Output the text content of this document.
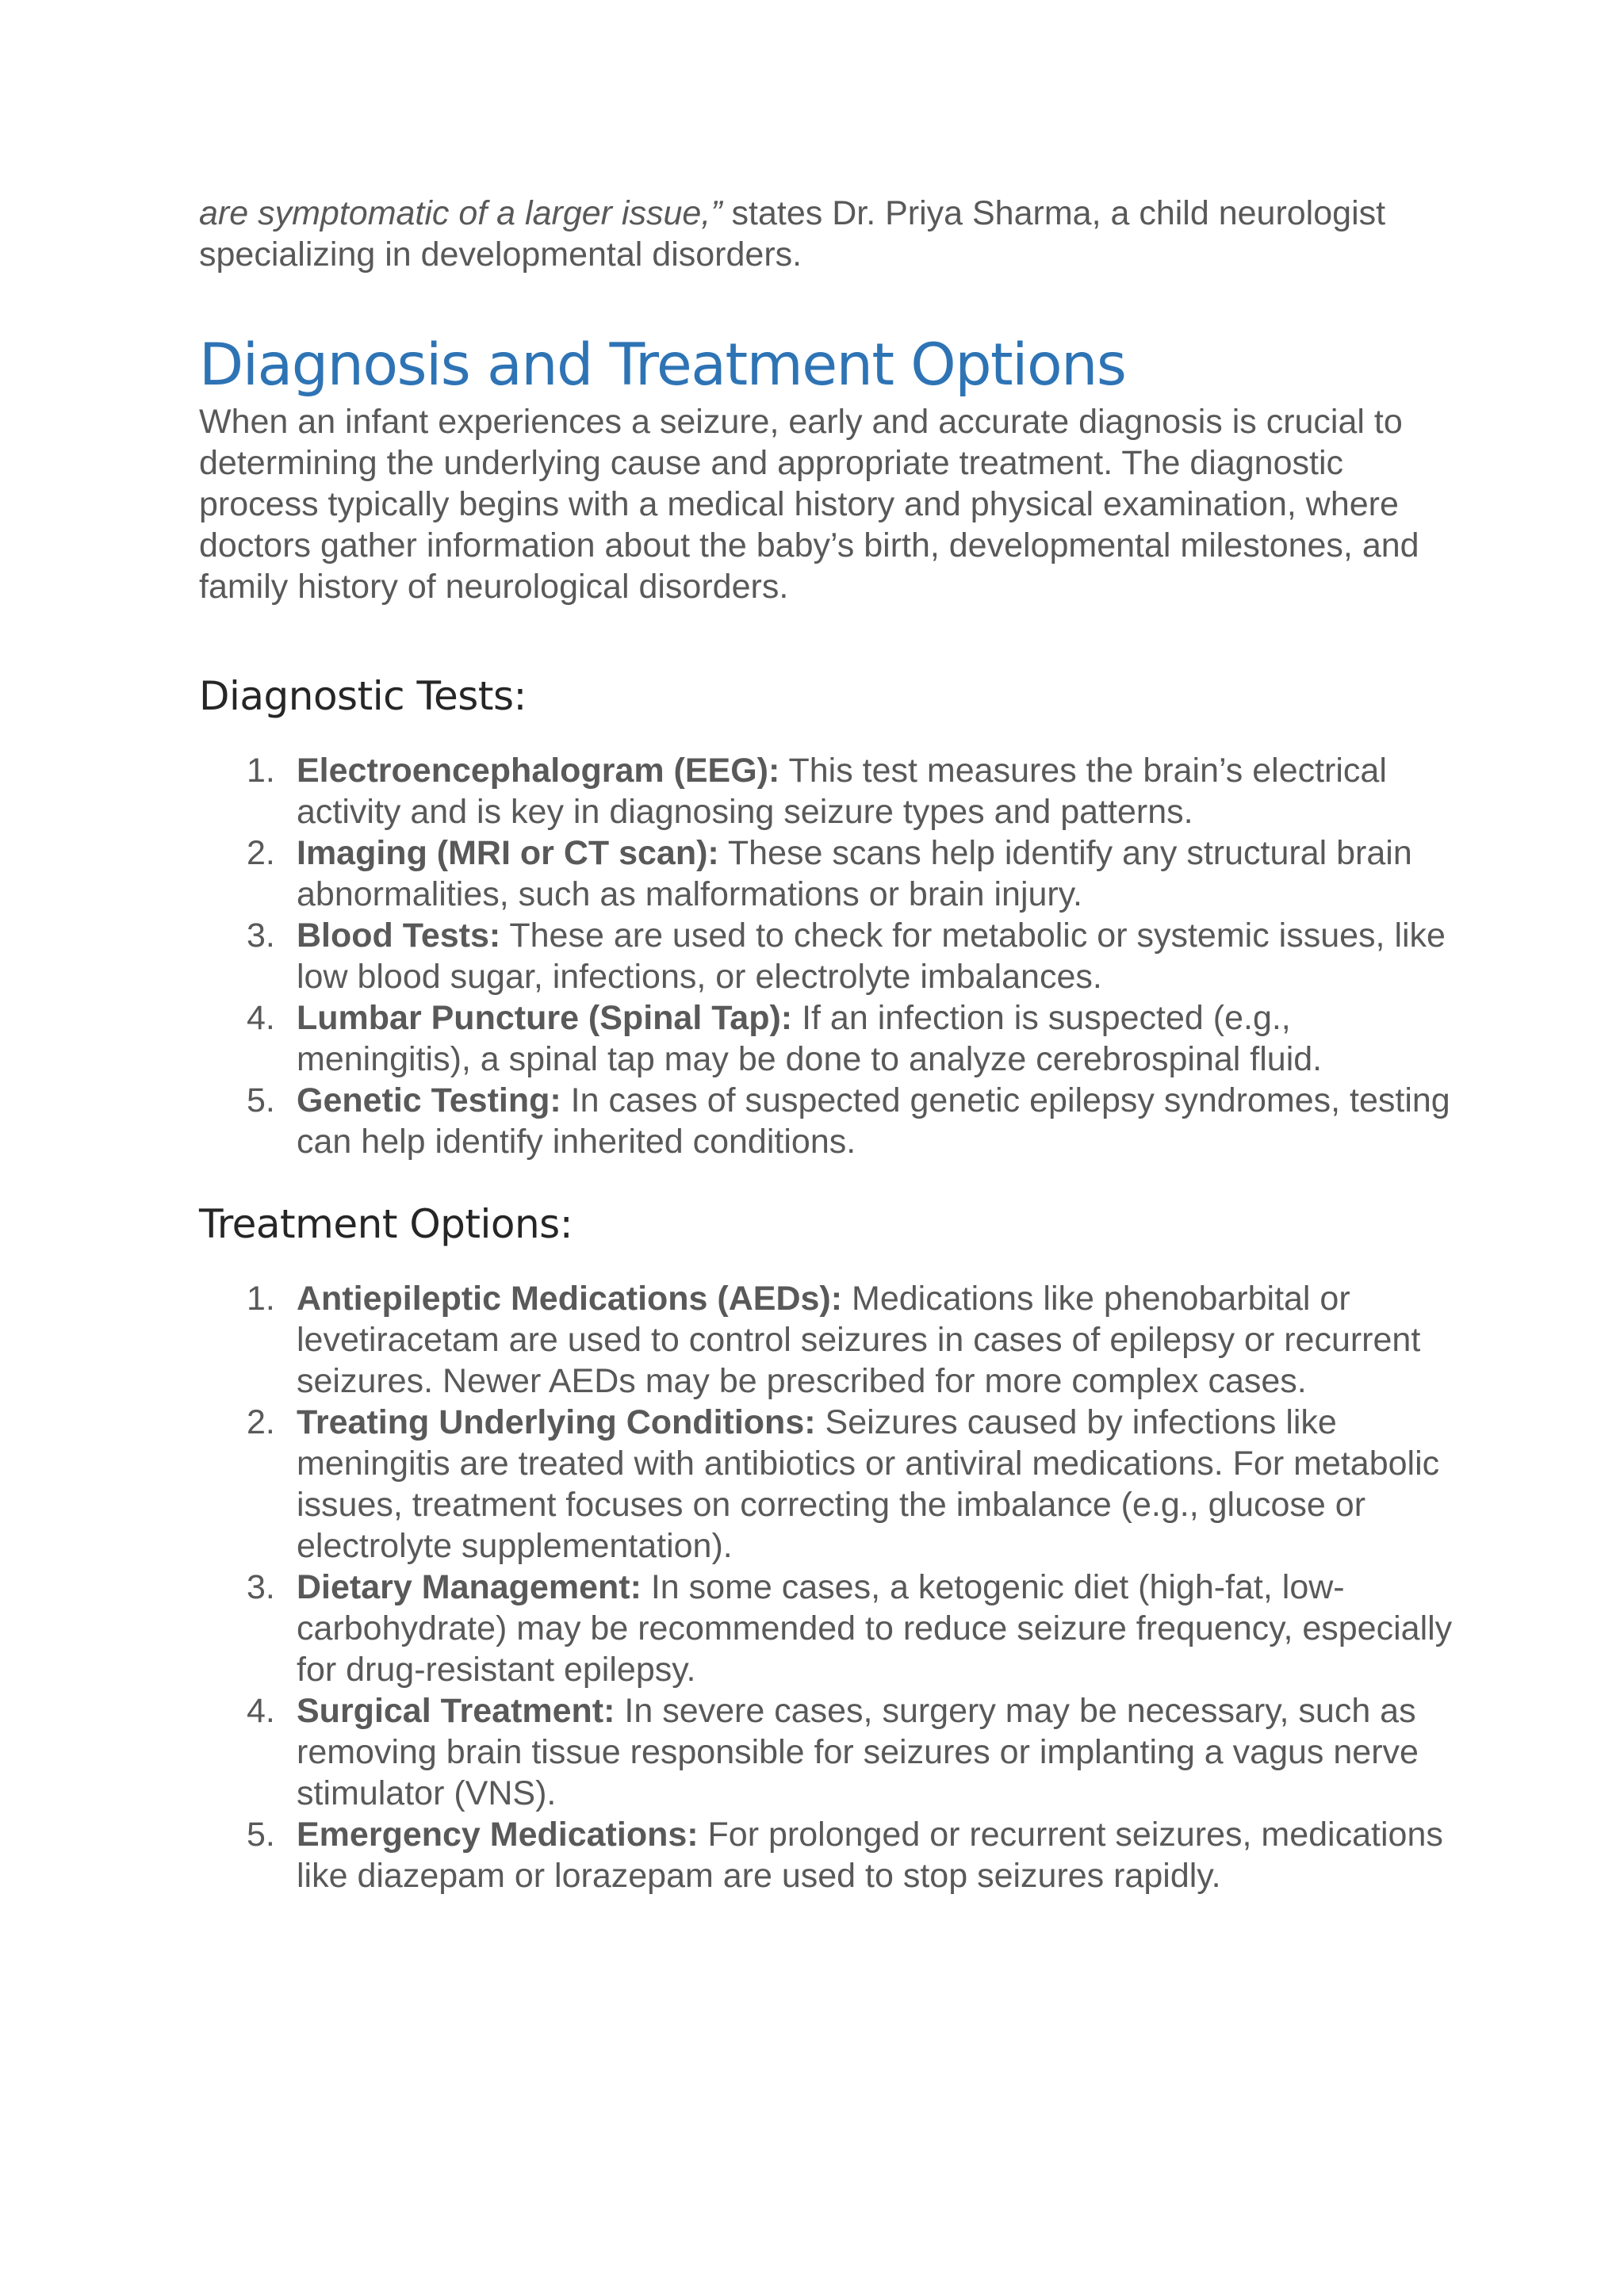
are symptomatic of a larger issue,” states Dr. Priya Sharma, a child neurologist specializing in developmental disorders.

Diagnosis and Treatment Options

When an infant experiences a seizure, early and accurate diagnosis is crucial to determining the underlying cause and appropriate treatment. The diagnostic process typically begins with a medical history and physical examination, where doctors gather information about the baby’s birth, developmental milestones, and family history of neurological disorders.

Diagnostic Tests:
1. Electroencephalogram (EEG): This test measures the brain’s electrical activity and is key in diagnosing seizure types and patterns.
2. Imaging (MRI or CT scan): These scans help identify any structural brain abnormalities, such as malformations or brain injury.
3. Blood Tests: These are used to check for metabolic or systemic issues, like low blood sugar, infections, or electrolyte imbalances.
4. Lumbar Puncture (Spinal Tap): If an infection is suspected (e.g., meningitis), a spinal tap may be done to analyze cerebrospinal fluid.
5. Genetic Testing: In cases of suspected genetic epilepsy syndromes, testing can help identify inherited conditions.
Treatment Options:
1. Antiepileptic Medications (AEDs): Medications like phenobarbital or levetiracetam are used to control seizures in cases of epilepsy or recurrent seizures. Newer AEDs may be prescribed for more complex cases.
2. Treating Underlying Conditions: Seizures caused by infections like meningitis are treated with antibiotics or antiviral medications. For metabolic issues, treatment focuses on correcting the imbalance (e.g., glucose or electrolyte supplementation).
3. Dietary Management: In some cases, a ketogenic diet (high-fat, low-carbohydrate) may be recommended to reduce seizure frequency, especially for drug-resistant epilepsy.
4. Surgical Treatment: In severe cases, surgery may be necessary, such as removing brain tissue responsible for seizures or implanting a vagus nerve stimulator (VNS).
5. Emergency Medications: For prolonged or recurrent seizures, medications like diazepam or lorazepam are used to stop seizures rapidly.
